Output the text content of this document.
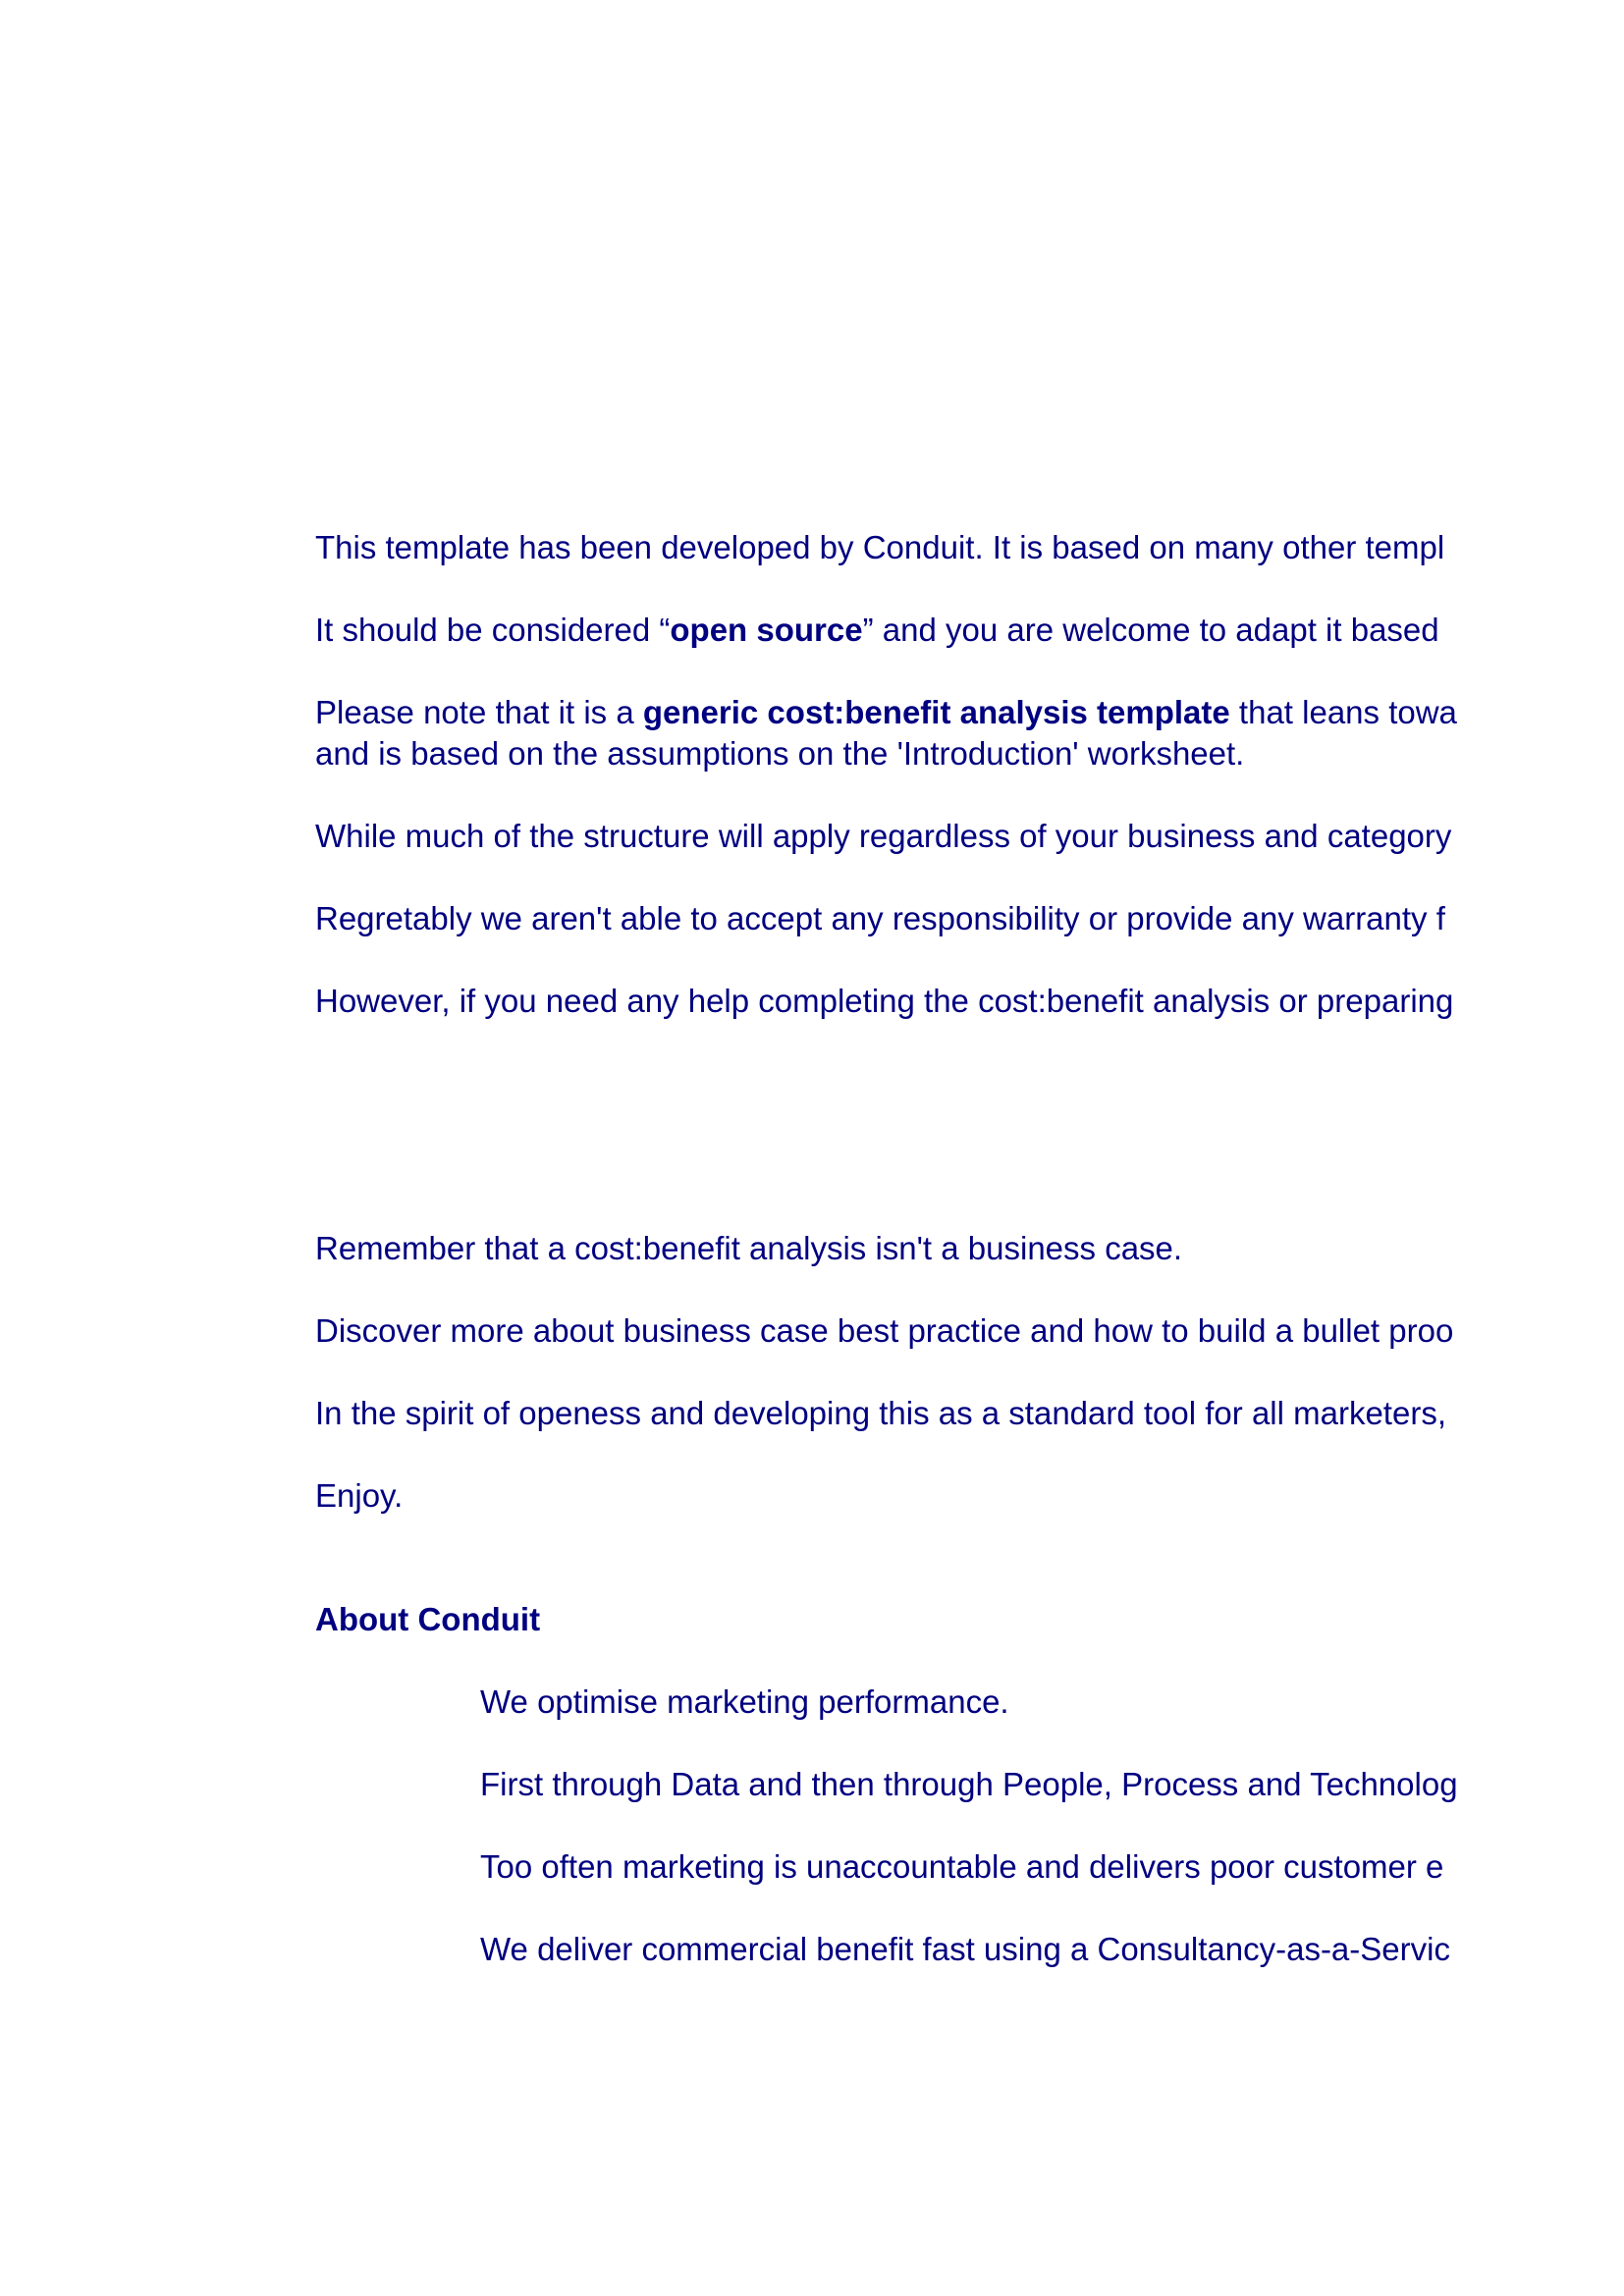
This template has been developed by Conduit. It is based on many other templ

It should be considered “open source” and you are welcome to adapt it based

Please note that it is a generic cost:benefit analysis template that leans towa

and is based on the assumptions on the 'Introduction' worksheet.

While much of the structure will apply regardless of your business and category

Regretably we aren't able to accept any responsibility or provide any warranty f

However, if you need any help completing the cost:benefit analysis or preparing

Remember that a cost:benefit analysis isn't a business case.

Discover more about business case best practice and how to build a bullet proo

In the spirit of openess and developing this as a standard tool for all marketers,

Enjoy.

About Conduit

We optimise marketing performance.

First through Data and then through People, Process and Technolog

Too often marketing is unaccountable and delivers poor customer e

We deliver commercial benefit fast using a Consultancy-as-a-Servic
